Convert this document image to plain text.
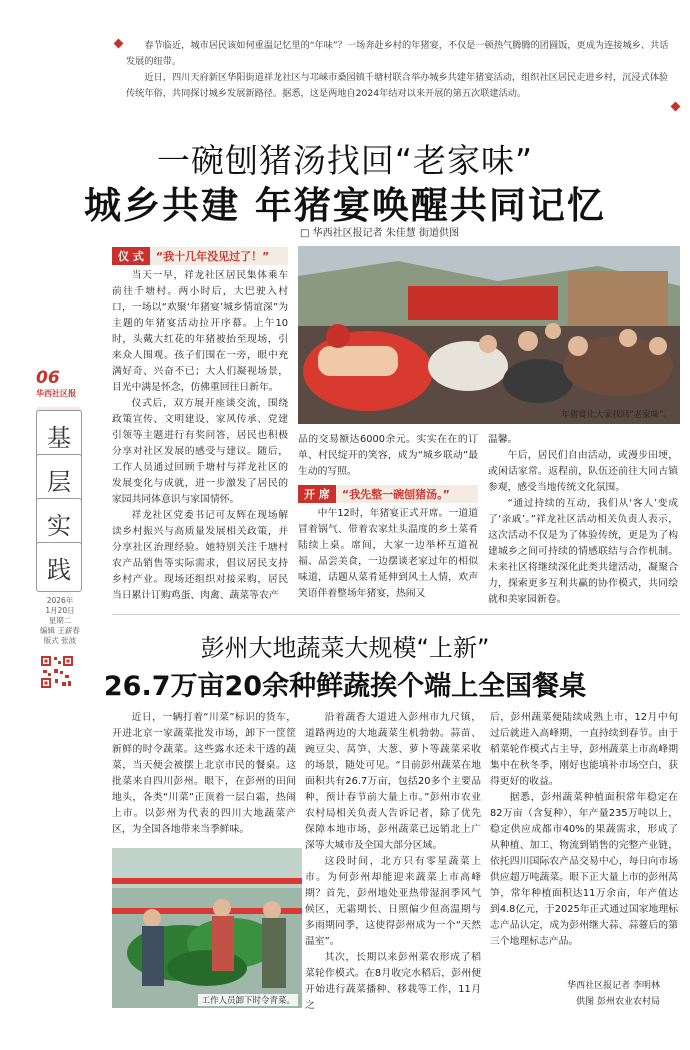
春节临近，城市居民该如何重温记忆里的“年味”？一场奔赴乡村的年猪宴，不仅是一顿热气腾腾的团圆饭，更成为连接城乡、共话发展的纽带。

近日，四川天府新区华阳街道祥龙社区与邛崃市桑园镇千塘村联合举办城乡共建年猪宴活动，组织社区居民走进乡村，沉浸式体验传统年俗，共同探讨城乡发展新路径。据悉，这是两地自2024年结对以来开展的第五次联建活动。

一碗刨猪汤找回“老家味”
城乡共建 年猪宴唤醒共同记忆
□ 华西社区报记者 朱佳慧 街道供图
06
华西社区报
基
层
实
践
2026年
1月20日
星期二
编辑 王薪春
版式 张波
仪 式	“我十几年没见过了！”

当天一早，祥龙社区居民集体乘车前往千塘村。两小时后，大巴驶入村口，一场以“欢聚‘年猪宴’城乡情谊深”为主题的年猪宴活动拉开序幕。上午10时，头戴大红花的年猪被抬至现场，引来众人围观。孩子们围在一旁，眼中充满好奇、兴奋不已；大人们凝视场景，目光中满是怀念，仿佛重回往日新年。

仪式后，双方展开座谈交流，围绕政策宣传、文明建设、家风传承、党建引领等主题进行有奖问答，居民也积极分享对社区发展的感受与建议。随后，工作人员通过回顾千塘村与祥龙社区的发展变化与成就，进一步激发了居民的家园共同体意识与家国情怀。

祥龙社区党委书记可友辉在现场解读乡村振兴与高质量发展相关政策，并分享社区治理经验。她特别关注千塘村农产品销售等实际需求，倡议居民支持乡村产业。现场还组织对接采购，居民当日累计订购鸡蛋、肉禽、蔬菜等农产

年猪宴让大家找回“老家味”。

品的交易额达6000余元。实实在在的订单、村民绽开的笑容，成为“城乡联动”最生动的写照。

开 席	“我先整一碗刨猪汤。”

中午12时，年猪宴正式开席。一道道冒着锅气、带着农家灶头温度的乡土菜肴陆续上桌。席间，大家一边举杯互道祝福、品尝美食，一边摆谈老家过年的相似味道，话题从菜肴延伸到风土人情，欢声笑语伴着整场年猪宴，热闹又

温馨。

午后，居民们自由活动，或漫步田埂，或闲话家常。返程前，队伍还前往大同古镇参观，感受当地传统文化氛围。

“通过持续的互动，我们从‘客人’变成了‘亲戚’。”祥龙社区活动相关负责人表示，这次活动不仅是为了体验传统，更是为了构建城乡之间可持续的情感联结与合作机制。未来社区将继续深化此类共建活动，凝聚合力，探索更多互利共赢的协作模式，共同绘就和美家园新卷。

彭州大地蔬菜大规模“上新”
26.7万亩20余种鲜蔬挨个端上全国餐桌

近日，一辆打着“川菜”标识的货车，开进北京一家蔬菜批发市场，卸下一筐筐新鲜的时令蔬菜。这些露水还未干透的蔬菜，当天便会被摆上北京市民的餐桌。这批菜来自四川彭州。眼下，在彭州的田间地头，各类“川菜”正顶着一层白霜，热闹上市。以彭州为代表的四川大地蔬菜产区，为全国各地带来当季鲜味。

工作人员卸下时令青菜。

沿着蔬香大道进入彭州市九尺镇，道路两边的大地蔬菜生机勃勃。蒜苗、豌豆尖、莴笋、大葱、萝卜等蔬菜采收的场景，随处可见。“目前彭州蔬菜在地面积共有26.7万亩，包括20多个主要品种，预计春节前大量上市。”彭州市农业农村局相关负责人告诉记者，除了优先保障本地市场，彭州蔬菜已远销北上广深等大城市及全国大部分区域。

这段时间，北方只有零星蔬菜上市。为何彭州却能迎来蔬菜上市高峰期？首先，彭州地处亚热带湿润季风气候区，无霜期长、日照偏少但高温期与多雨期同季，这使得彭州成为一个“天然温室”。

其次，长期以来彭州菜农形成了稻菜轮作模式。在8月收完水稻后，彭州便开始进行蔬菜播种、移栽等工作，11月之

后，彭州蔬菜便陆续成熟上市，12月中旬过后就进入高峰期，一直持续到春节。由于稻菜轮作模式占主导，彭州蔬菜上市高峰期集中在秋冬季，刚好也能填补市场空白，获得更好的收益。

据悉，彭州蔬菜种植面积常年稳定在82万亩（含复种），年产量235万吨以上，稳定供应成都市40%的果蔬需求，形成了从种植、加工、物流到销售的完整产业链，依托四川国际农产品交易中心，每日向市场供应超万吨蔬菜。眼下正大量上市的彭州莴笋，常年种植面积达11万余亩，年产值达到4.8亿元，于2025年正式通过国家地理标志产品认定，成为彭州继大蒜、蒜薹后的第三个地理标志产品。

华西社区报记者 李明林
供图 彭州农业农村局
